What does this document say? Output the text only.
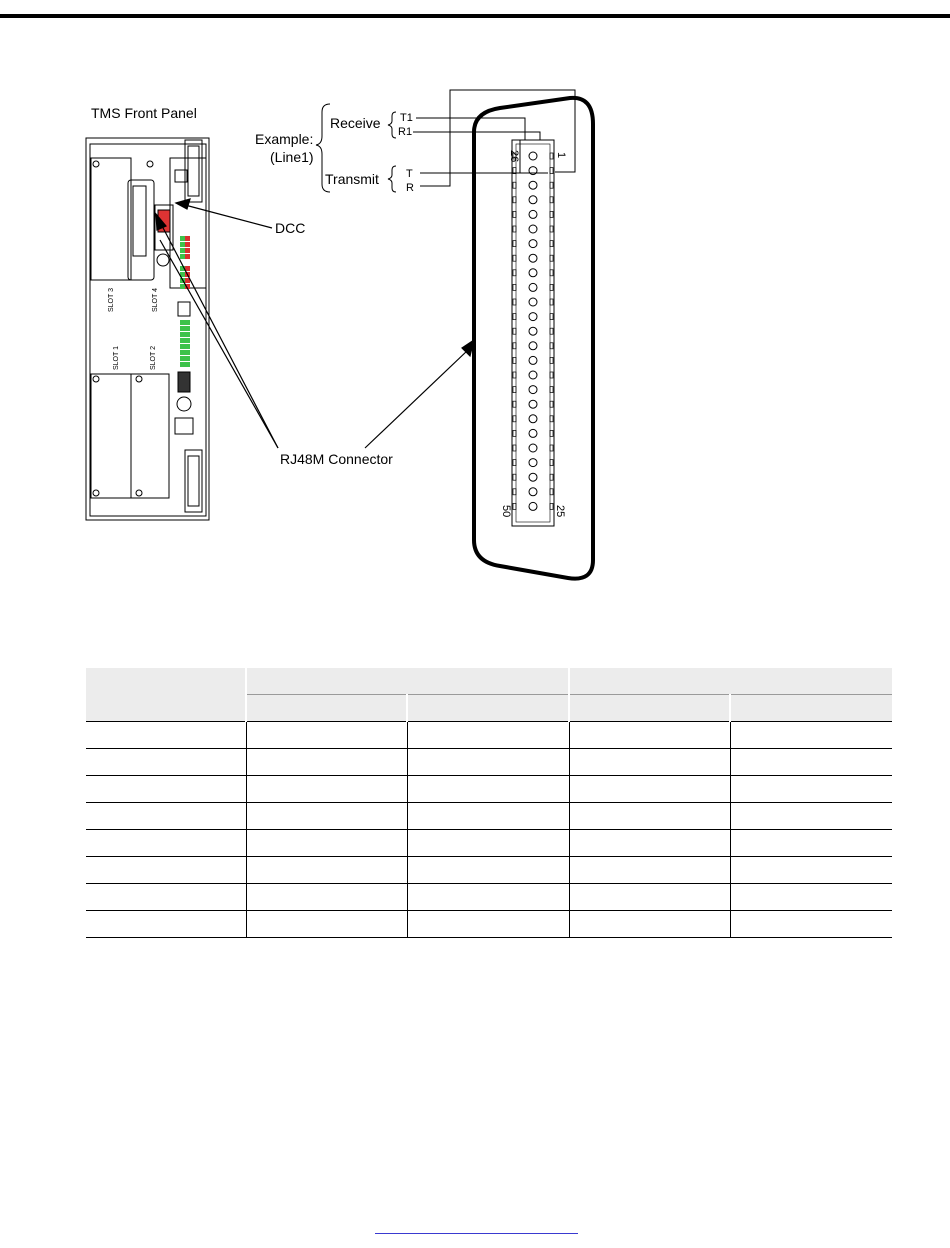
TMS Front Panel
SLOT 3	SLOT 4
SLOT 1	SLOT 2
DCC
RJ48M Connector
Example:
(Line1)
Receive
Transmit
T1
R1
T
R
26	1
50	25
